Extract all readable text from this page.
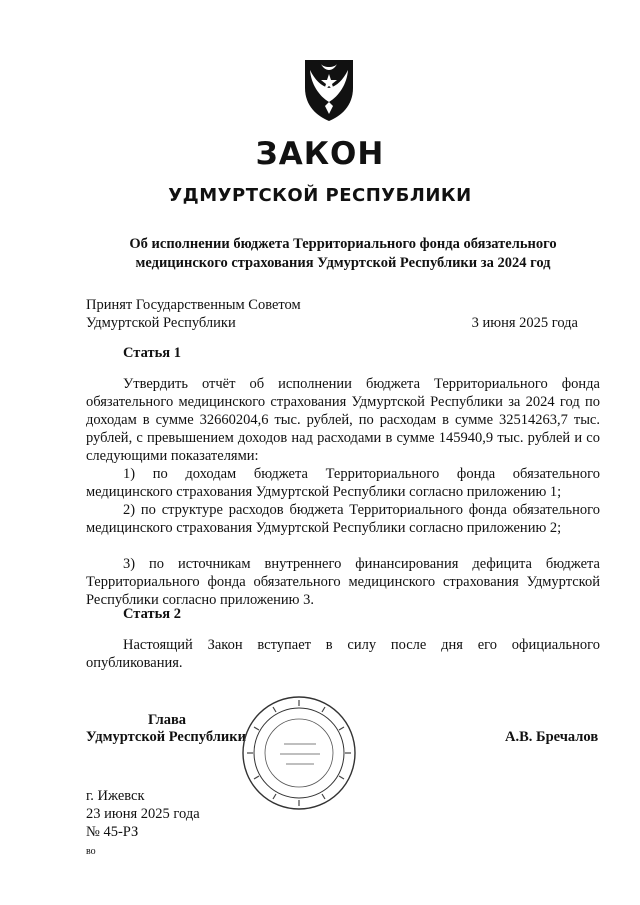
ЗАКОН
УДМУРТСКОЙ РЕСПУБЛИКИ
Об исполнении бюджета Территориального фонда обязательного
медицинского страхования Удмуртской Республики за 2024 год
Принят Государственным Советом
Удмуртской Республики	3 июня 2025 года
Статья 1
Утвердить отчёт об исполнении бюджета Территориального фонда обязательного медицинского страхования Удмуртской Республики за 2024 год по доходам в сумме 32660204,6 тыс. рублей, по расходам в сумме 32514263,7 тыс. рублей, с превышением доходов над расходами в сумме 145940,9 тыс. рублей и со следующими показателями:
1) по доходам бюджета Территориального фонда обязательного медицинского страхования Удмуртской Республики согласно приложению 1;
2) по структуре расходов бюджета Территориального фонда обязательного медицинского страхования Удмуртской Республики согласно приложению 2;
3) по источникам внутреннего финансирования дефицита бюджета Территориального фонда обязательного медицинского страхования Удмуртской Республики согласно приложению 3.
Статья 2
Настоящий Закон вступает в силу после дня его официального опубликования.
Глава
Удмуртской Республики	А.В. Бречалов
г. Ижевск
23 июня 2025 года
№ 45-РЗ
во
